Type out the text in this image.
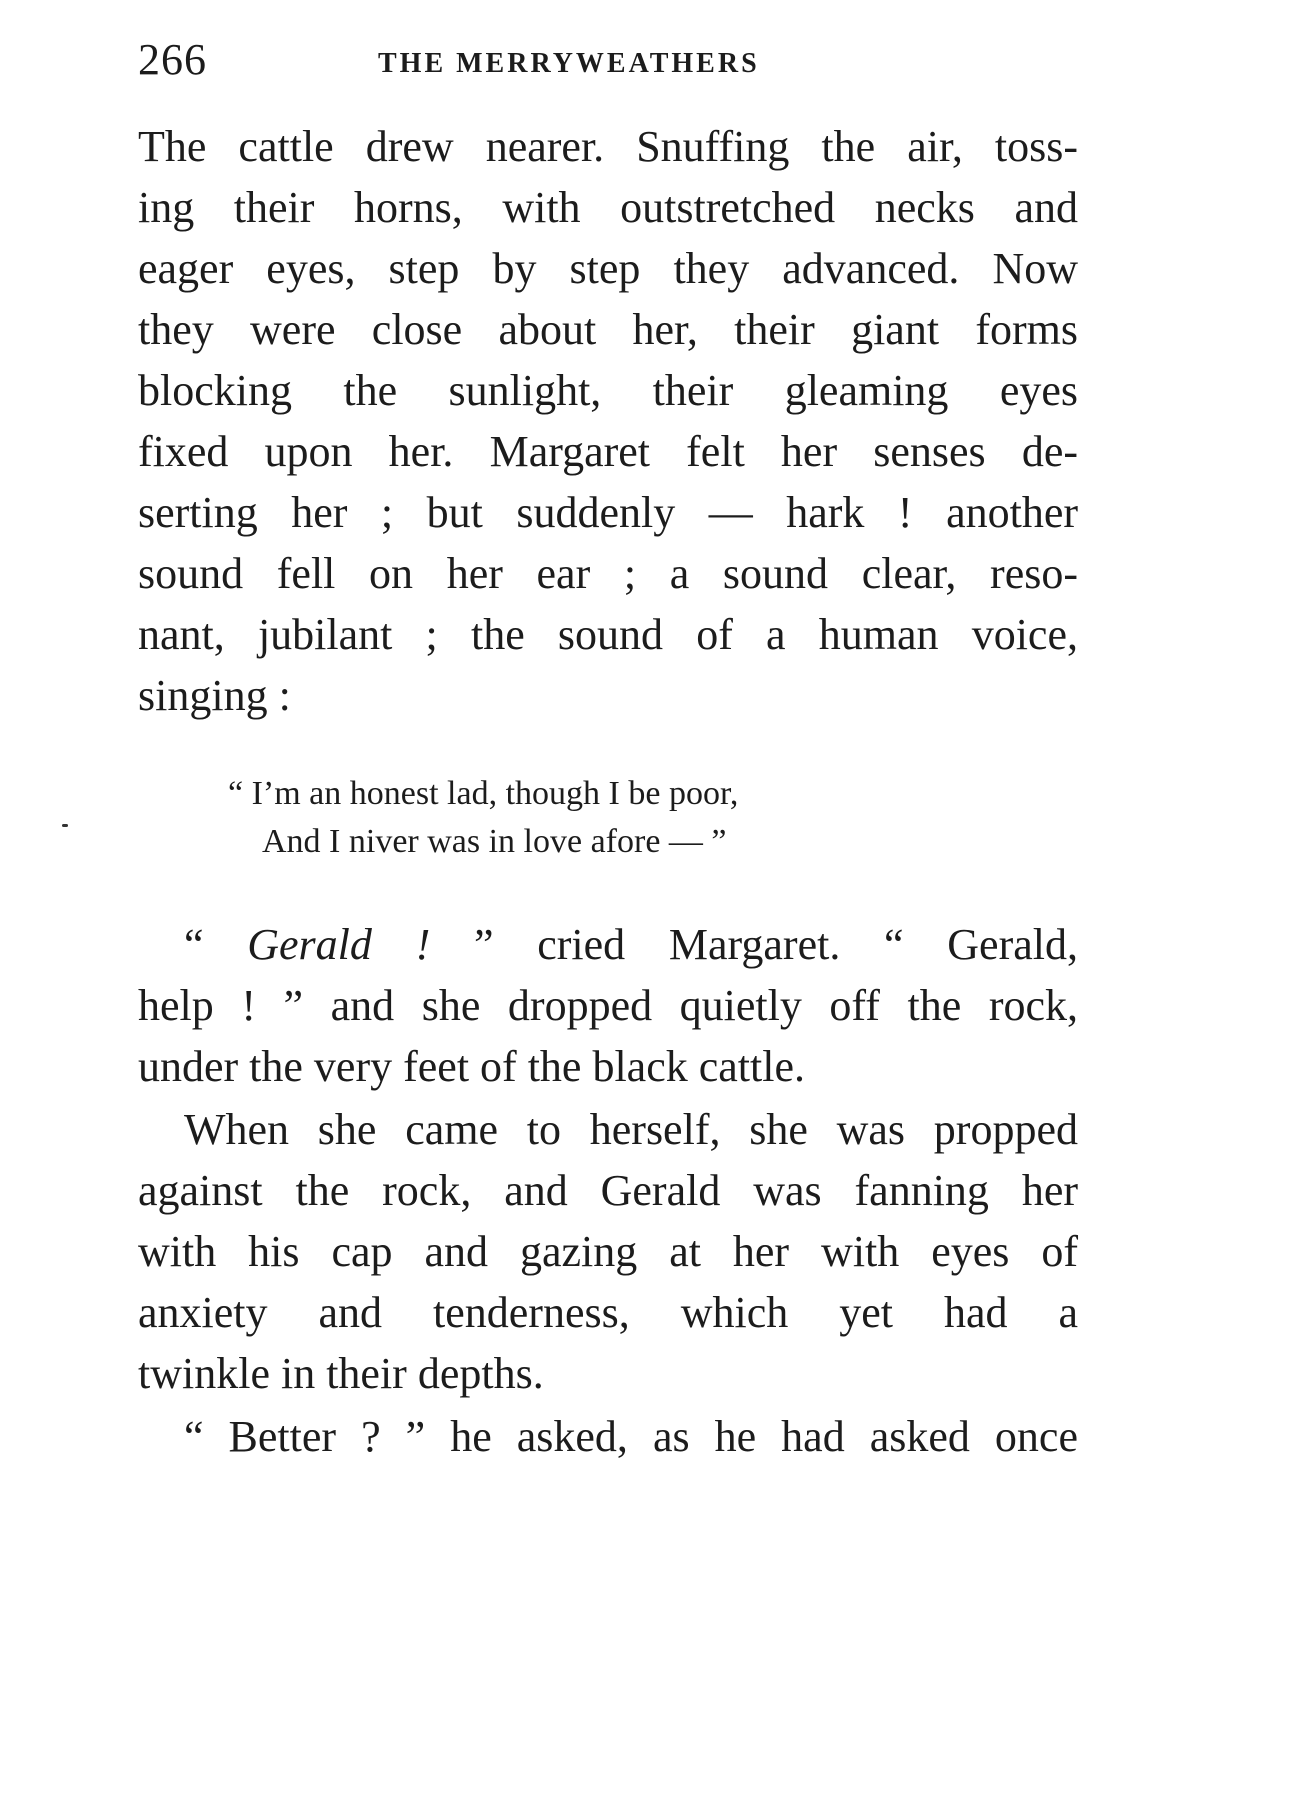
266	THE MERRYWEATHERS
The cattle drew nearer. Snuffing the air, toss-
ing their horns, with outstretched necks and
eager eyes, step by step they advanced. Now
they were close about her, their giant forms
blocking the sunlight, their gleaming eyes
fixed upon her. Margaret felt her senses de-
serting her ; but suddenly — hark ! another
sound fell on her ear ; a sound clear, reso-
nant, jubilant ; the sound of a human voice,
singing :
“ I’m an honest lad, though I be poor,
And I niver was in love afore — ”
“ Gerald ! ” cried Margaret. “ Gerald,
help ! ” and she dropped quietly off the rock,
under the very feet of the black cattle.
When she came to herself, she was propped
against the rock, and Gerald was fanning her
with his cap and gazing at her with eyes of
anxiety and tenderness, which yet had a
twinkle in their depths.
“ Better ? ” he asked, as he had asked once
